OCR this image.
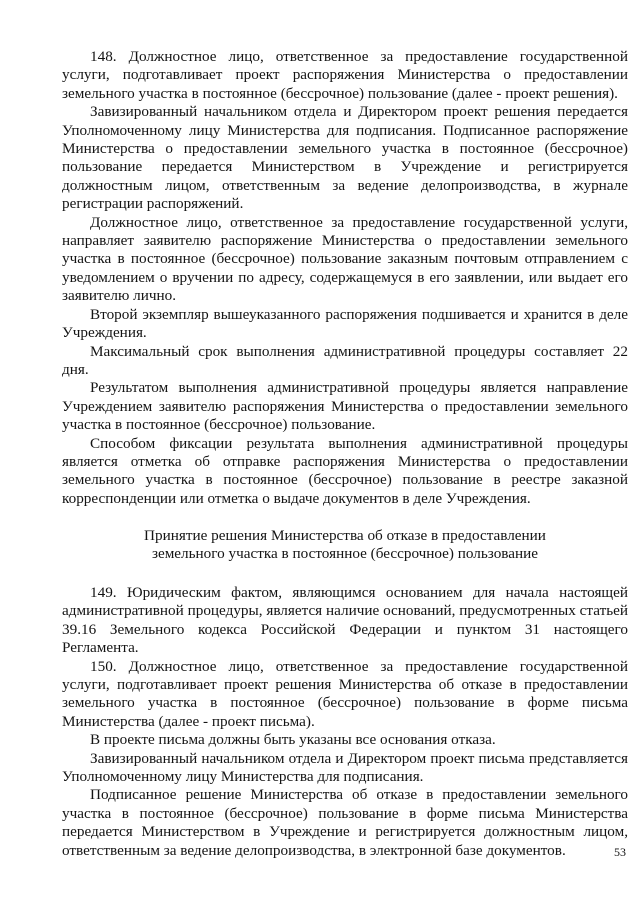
148. Должностное лицо, ответственное за предоставление государственной услуги, подготавливает проект распоряжения Министерства о предоставлении земельного участка в постоянное (бессрочное) пользование (далее - проект решения).

Завизированный начальником отдела и Директором проект решения передается Уполномоченному лицу Министерства для подписания. Подписанное распоряжение Министерства о предоставлении земельного участка в постоянное (бессрочное) пользование передается Министерством в Учреждение и регистрируется должностным лицом, ответственным за ведение делопроизводства, в журнале регистрации распоряжений.

Должностное лицо, ответственное за предоставление государственной услуги, направляет заявителю распоряжение Министерства о предоставлении земельного участка в постоянное (бессрочное) пользование заказным почтовым отправлением с уведомлением о вручении по адресу, содержащемуся в его заявлении, или выдает его заявителю лично.

Второй экземпляр вышеуказанного распоряжения подшивается и хранится в деле Учреждения.

Максимальный срок выполнения административной процедуры составляет 22 дня.

Результатом выполнения административной процедуры является направление Учреждением заявителю распоряжения Министерства о предоставлении земельного участка в постоянное (бессрочное) пользование.

Способом фиксации результата выполнения административной процедуры является отметка об отправке распоряжения Министерства о предоставлении земельного участка в постоянное (бессрочное) пользование в реестре заказной корреспонденции или отметка о выдаче документов в деле Учреждения.

Принятие решения Министерства об отказе в предоставлении
земельного участка в постоянное (бессрочное) пользование

149. Юридическим фактом, являющимся основанием для начала настоящей административной процедуры, является наличие оснований, предусмотренных статьей 39.16 Земельного кодекса Российской Федерации и пунктом 31 настоящего Регламента.

150. Должностное лицо, ответственное за предоставление государственной услуги, подготавливает проект решения Министерства об отказе в предоставлении земельного участка в постоянное (бессрочное) пользование в форме письма Министерства (далее - проект письма).

В проекте письма должны быть указаны все основания отказа.

Завизированный начальником отдела и Директором проект письма представляется Уполномоченному лицу Министерства для подписания.

Подписанное решение Министерства об отказе в предоставлении земельного участка в постоянное (бессрочное) пользование в форме письма Министерства передается Министерством в Учреждение и регистрируется должностным лицом, ответственным за ведение делопроизводства, в электронной базе документов.	53
